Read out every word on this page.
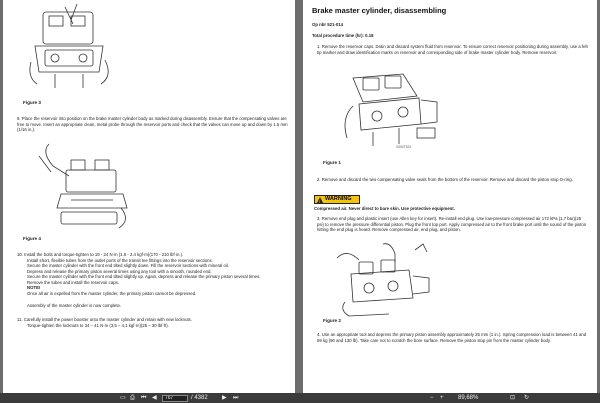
Figure 3
9. Place the reservoir into position on the brake master cylinder body as marked during disassembly. Ensure that the compensating valves are free to move. Insert an appropriate clean, metal probe through the reservoir ports and check that the valves can move up and down by 1.5 mm (1/16 in.).
Figure 4
10. Install the bolts and torque-tighten to 19 - 24 N·m (1.9 - 2.4 kgf·m)(170 - 210 lbf·in.).
Install short, flexible tubes from the outlet ports of the transit tee fittings into the reservoir sections.
Secure the master cylinder with the front end tilted slightly down. Fill the reservoir sections with mineral oil.
Depress and release the primary piston several times using any tool with a smooth, rounded end.
Secure the master cylinder with the front end tilted slightly up. Again, depress and release the primary piston several times.
Remove the tubes and install the reservoir caps.
NOTE!
Once all air is expelled from the master cylinder, the primary piston cannot be depressed.
Assembly of the master cylinder is now complete.
11. Carefully install the power booster onto the master cylinder and retain with new locknuts.
Torque-tighten the locknuts to 34 – 41 N·m (3,5 – 4,1 kgf·m)(25 – 30 lbf·ft).
Brake master cylinder, disassembling
Op nbr 521-014
Total procedure time (hr): 0.18
1. Remove the reservoir caps. Drain and discard system fluid from reservoir. To ensure correct reservoir positioning during assembly, use a felt tip marker and draw identification marks on reservoir and corresponding side of brake master cylinder body. Remove reservoir.
G0007524
Figure 1
2. Remove and discard the two compensating valve seals from the bottom of the reservoir. Remove and discard the piston stop O-ring.
!
WARNING
Compressed air. Never direct to bare skin. Use protective equipment.
3. Remove end plug and plastic insert (use Allen key for insert). Re-install end plug. Use low-pressure compressed air 172 kPa (1,7 bar)(25 psi) to remove the pressure differential piston. Plug the front top port. Apply compressed air to the front brake port until the sound of the piston hitting the end plug is heard. Remove compressed air, end plug, and piston.
Figure 2
4. Use an appropriate tool and depress the primary piston assembly approximately 25 mm (1 in.). Spring compression load is between 41 and 59 kg (90 and 130 lb). Take care not to scratch the bore surface. Remove the piston stop pin from the master cylinder body.
▭ ⎙ ⏮ ◀
767	/ 4382 ▶ ⏭	− + 89,68%	⊡ ↻
